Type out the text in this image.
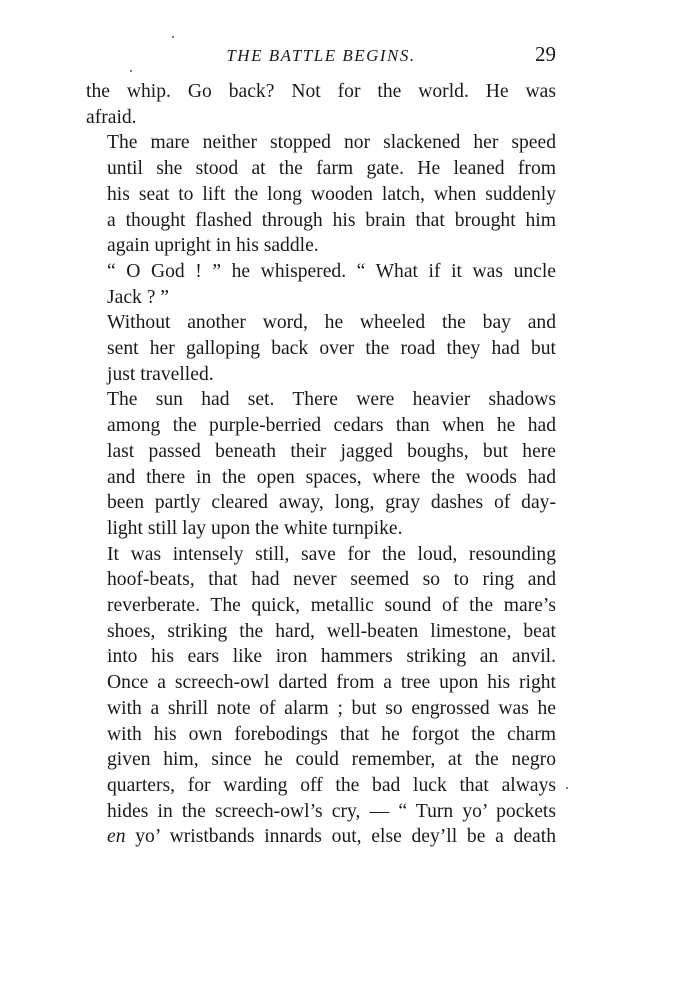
THE BATTLE BEGINS.	29

the whip. Go back? Not for the world. He was
afraid.

The mare neither stopped nor slackened her speed
until she stood at the farm gate. He leaned from
his seat to lift the long wooden latch, when suddenly
a thought flashed through his brain that brought him
again upright in his saddle.

“ O God ! ” he whispered. “ What if it was uncle
Jack ? ”

Without another word, he wheeled the bay and
sent her galloping back over the road they had but
just travelled.

The sun had set. There were heavier shadows
among the purple-berried cedars than when he had
last passed beneath their jagged boughs, but here
and there in the open spaces, where the woods had
been partly cleared away, long, gray dashes of day-
light still lay upon the white turnpike.

It was intensely still, save for the loud, resounding
hoof-beats, that had never seemed so to ring and
reverberate. The quick, metallic sound of the mare’s
shoes, striking the hard, well-beaten limestone, beat
into his ears like iron hammers striking an anvil.
Once a screech-owl darted from a tree upon his right
with a shrill note of alarm ; but so engrossed was he
with his own forebodings that he forgot the charm
given him, since he could remember, at the negro
quarters, for warding off the bad luck that always
hides in the screech-owl’s cry, — “ Turn yo’ pockets
en yo’ wristbands innards out, else dey’ll be a death
